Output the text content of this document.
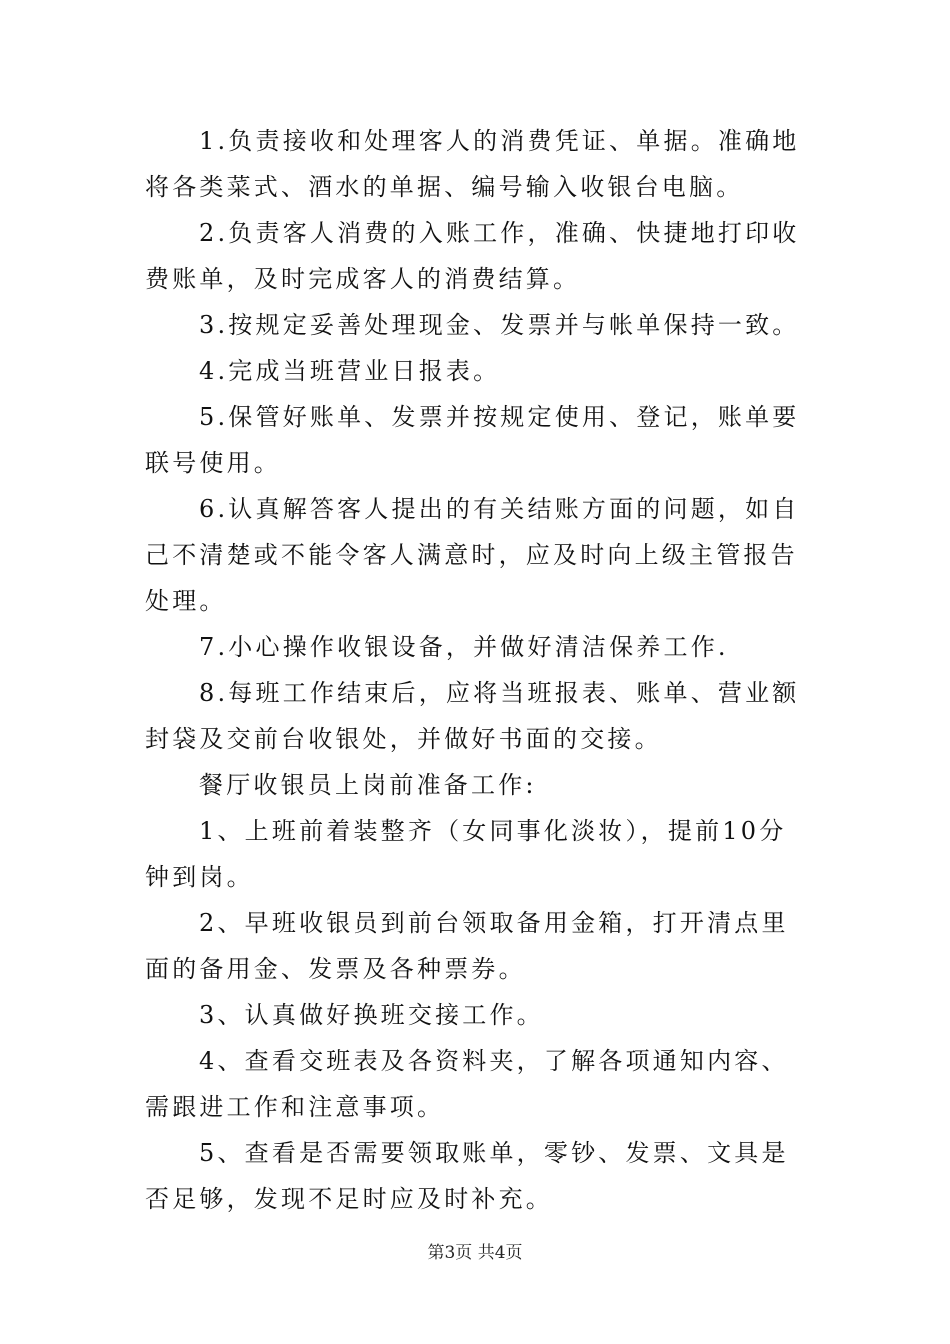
1.负责接收和处理客人的消费凭证、单据。准确地将各类菜式、酒水的单据、编号输入收银台电脑。

2.负责客人消费的入账工作，准确、快捷地打印收费账单，及时完成客人的消费结算。

3.按规定妥善处理现金、发票并与帐单保持一致。

4.完成当班营业日报表。

5.保管好账单、发票并按规定使用、登记，账单要联号使用。

6.认真解答客人提出的有关结账方面的问题，如自己不清楚或不能令客人满意时，应及时向上级主管报告处理。

7.小心操作收银设备，并做好清洁保养工作.

8.每班工作结束后，应将当班报表、账单、营业额封袋及交前台收银处，并做好书面的交接。

餐厅收银员上岗前准备工作:

1、上班前着装整齐（女同事化淡妆），提前10分钟到岗。

2、早班收银员到前台领取备用金箱，打开清点里面的备用金、发票及各种票券。

3、认真做好换班交接工作。

4、查看交班表及各资料夹，了解各项通知内容、需跟进工作和注意事项。

5、查看是否需要领取账单，零钞、发票、文具是否足够，发现不足时应及时补充。

第3页 共4页
